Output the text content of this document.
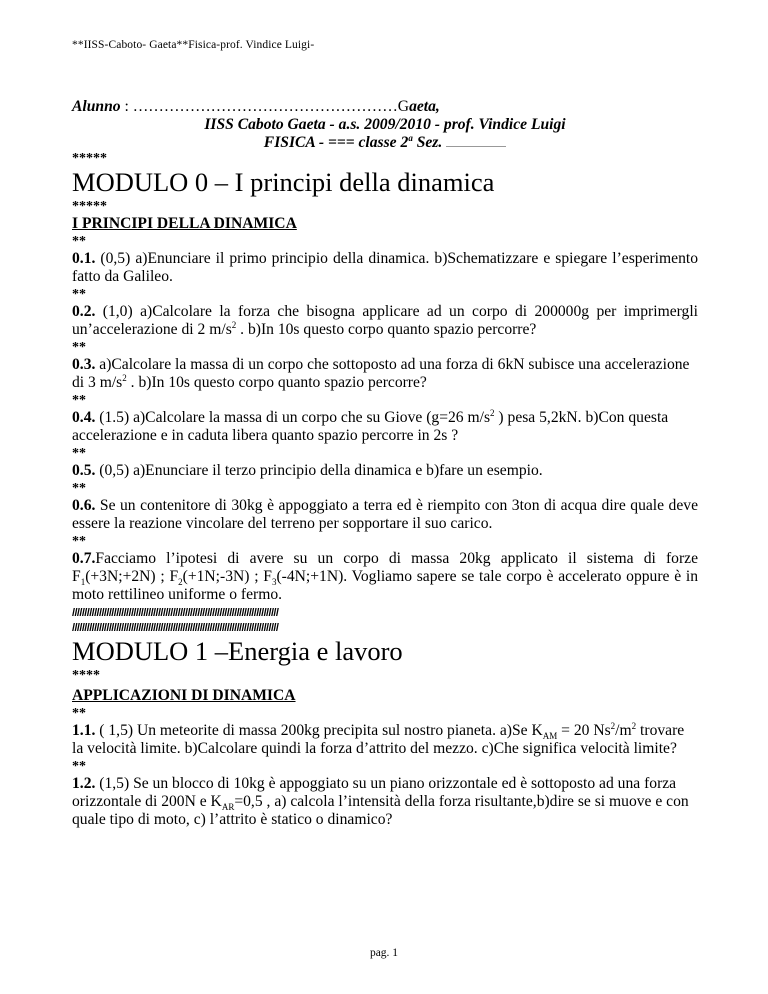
**IISS-Caboto- Gaeta**Fisica-prof. Vindice Luigi-

Alunno : ……………………………………………Gaeta,

IISS Caboto Gaeta - a.s. 2009/2010 - prof. Vindice Luigi

FISICA - === classe 2$^a$ Sez.

*****

MODULO 0 – I principi della dinamica

*****

I PRINCIPI DELLA DINAMICA

**

0.1. (0,5) a)Enunciare il primo principio della dinamica. b)Schematizzare e spiegare l’esperimento fatto da Galileo.

**

0.2. (1,0) a)Calcolare la forza che bisogna applicare ad un corpo di 200000g per imprimergli un’accelerazione di 2 $m/s^2$ . b)In 10s questo corpo quanto spazio percorre?

**

0.3. a)Calcolare la massa di un corpo che sottoposto ad una forza di 6kN subisce una accelerazione di 3 $m/s^2$ . b)In 10s questo corpo quanto spazio percorre?

**

0.4. (1.5) a)Calcolare la massa di un corpo che su Giove (g=26 $m/s^2$ ) pesa 5,2kN. b)Con questa accelerazione e in caduta libera quanto spazio percorre in 2s ?

**

0.5. (0,5) a)Enunciare il terzo principio della dinamica e b)fare un esempio.

**

0.6. Se un contenitore di 30kg è appoggiato a terra ed è riempito con 3ton di acqua dire quale deve essere la reazione vincolare del terreno per sopportare il suo carico.

**

0.7.Facciamo l’ipotesi di avere su un corpo di massa 20kg applicato il sistema di forze $F_1(+3N;+2N)$ ; $F_2(+1N;-3N)$ ; $F_3(-4N;+1N)$. Vogliamo sapere se tale corpo è accelerato oppure è in moto rettilineo uniforme o fermo.

////////////////////////////////////////////////////////////////////////////////////

////////////////////////////////////////////////////////////////////////////////////

MODULO 1 –Energia e lavoro

****

APPLICAZIONI DI DINAMICA

**

1.1. ( 1,5) Un meteorite di massa 200kg precipita sul nostro pianeta. a)Se $K_{AM} = 20$ $Ns^2/m^2$ trovare la velocità limite. b)Calcolare quindi la forza d’attrito del mezzo. c)Che significa velocità limite?

**

1.2. (1,5) Se un blocco di 10kg è appoggiato su un piano orizzontale ed è sottoposto ad una forza orizzontale di 200N e $K_{AR}=0,5$ , a) calcola l’intensità della forza risultante,b)dire se si muove e con quale tipo di moto, c) l’attrito è statico o dinamico?

pag. 1
